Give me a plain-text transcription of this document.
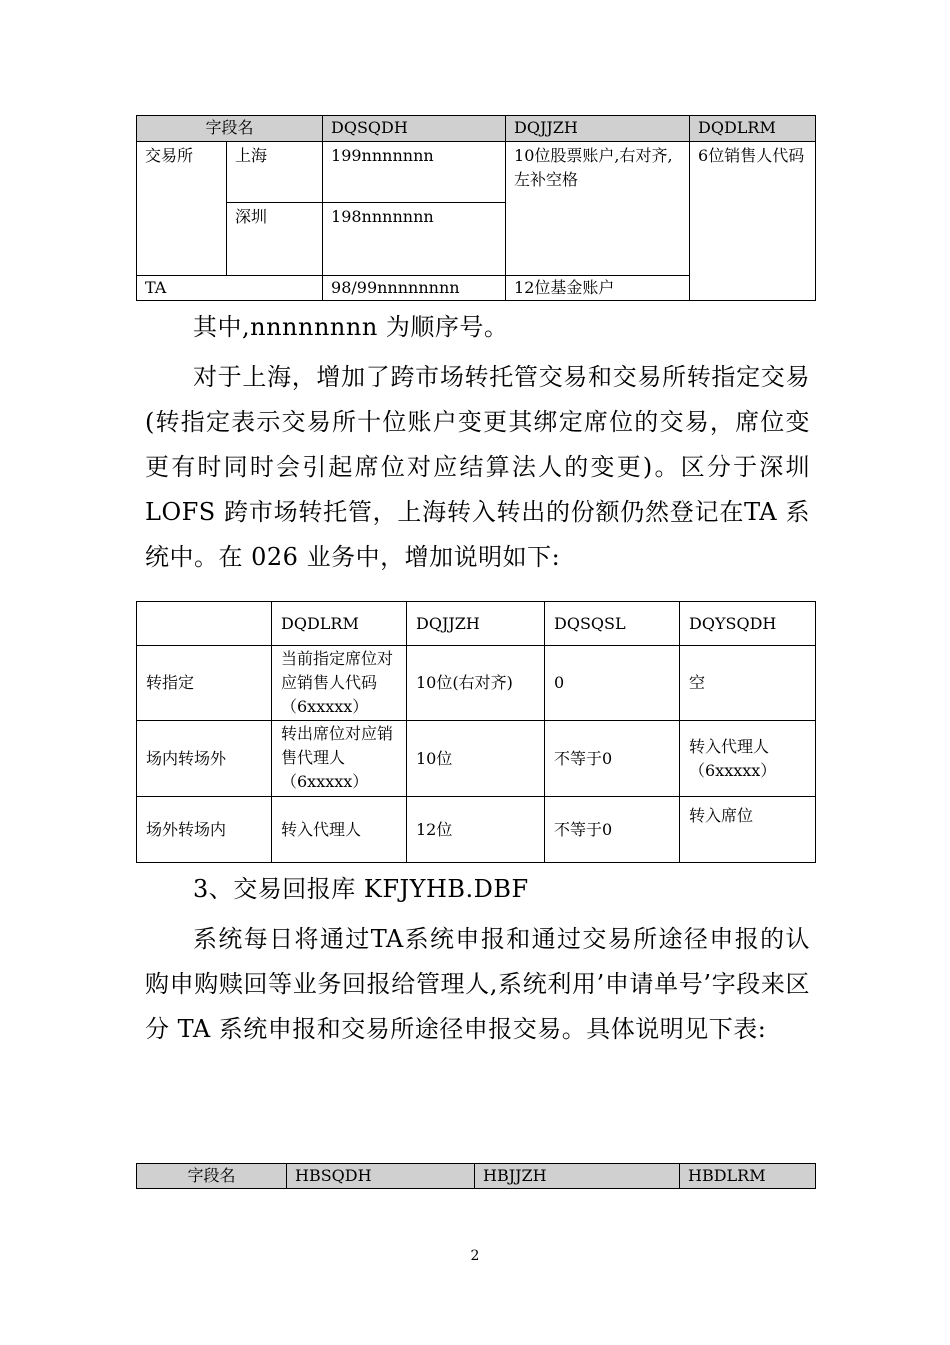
字段名		DQSQDH	DQJJZH	DQDLRM
交易所	上海	199nnnnnnn	10位股票账户,右对齐,左补空格	6位销售人代码
	深圳	198nnnnnnn		
TA		98/99nnnnnnnn	12位基金账户	

其中,nnnnnnnn 为顺序号。

对于上海，增加了跨市场转托管交易和交易所转指定交易(转指定表示交易所十位账户变更其绑定席位的交易，席位变更有时同时会引起席位对应结算法人的变更)。区分于深圳 LOFS 跨市场转托管，上海转入转出的份额仍然登记在TA 系统中。在 026 业务中，增加说明如下:

	DQDLRM	DQJJZH	DQSQSL	DQYSQDH
转指定	当前指定席位对应销售人代码（6xxxxx）	10位(右对齐)	0	空
场内转场外	转出席位对应销售代理人（6xxxxx）	10位	不等于0	转入代理人（6xxxxx）
场外转场内	转入代理人	12位	不等于0	转入席位

3、交易回报库 KFJYHB.DBF

系统每日将通过TA系统申报和通过交易所途径申报的认购申购赎回等业务回报给管理人,系统利用’申请单号’字段来区分 TA 系统申报和交易所途径申报交易。具体说明见下表:

字段名	HBSQDH	HBJJZH	HBDLRM
2
